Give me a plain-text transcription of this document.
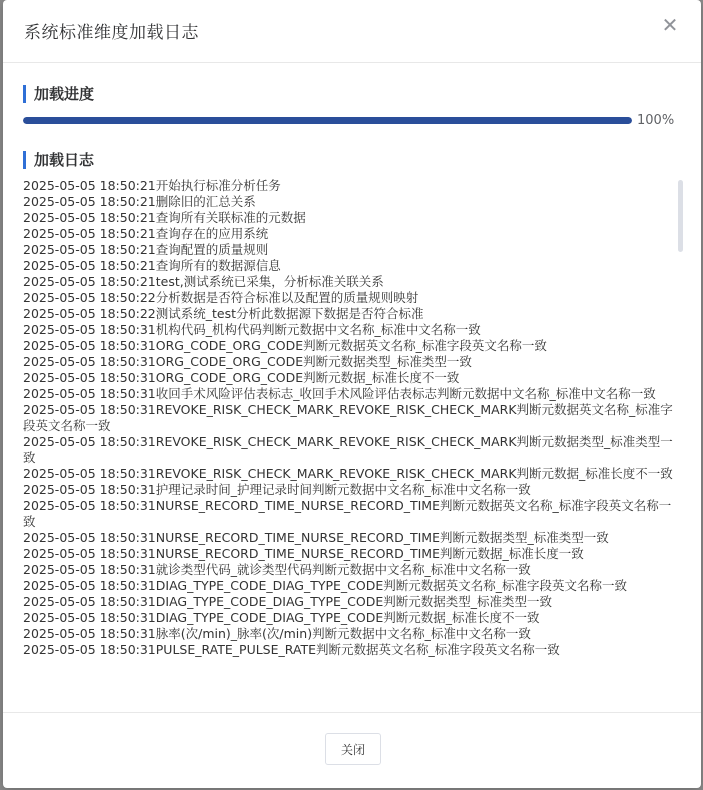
系统标准维度加载日志	✕
加载进度
100%
加载日志
2025-05-05 18:50:21开始执行标准分析任务
2025-05-05 18:50:21删除旧的汇总关系
2025-05-05 18:50:21查询所有关联标准的元数据
2025-05-05 18:50:21查询存在的应用系统
2025-05-05 18:50:21查询配置的质量规则
2025-05-05 18:50:21查询所有的数据源信息
2025-05-05 18:50:21test,测试系统已采集，分析标准关联关系
2025-05-05 18:50:22分析数据是否符合标准以及配置的质量规则映射
2025-05-05 18:50:22测试系统_test分析此数据源下数据是否符合标准
2025-05-05 18:50:31机构代码_机构代码判断元数据中文名称_标准中文名称一致
2025-05-05 18:50:31ORG_CODE_ORG_CODE判断元数据英文名称_标准字段英文名称一致
2025-05-05 18:50:31ORG_CODE_ORG_CODE判断元数据类型_标准类型一致
2025-05-05 18:50:31ORG_CODE_ORG_CODE判断元数据_标准长度不一致
2025-05-05 18:50:31收回手术风险评估表标志_收回手术风险评估表标志判断元数据中文名称_标准中文名称一致
2025-05-05 18:50:31REVOKE_RISK_CHECK_MARK_REVOKE_RISK_CHECK_MARK判断元数据英文名称_标准字段英文名称一致
2025-05-05 18:50:31REVOKE_RISK_CHECK_MARK_REVOKE_RISK_CHECK_MARK判断元数据类型_标准类型一致
2025-05-05 18:50:31REVOKE_RISK_CHECK_MARK_REVOKE_RISK_CHECK_MARK判断元数据_标准长度不一致
2025-05-05 18:50:31护理记录时间_护理记录时间判断元数据中文名称_标准中文名称一致
2025-05-05 18:50:31NURSE_RECORD_TIME_NURSE_RECORD_TIME判断元数据英文名称_标准字段英文名称一致
2025-05-05 18:50:31NURSE_RECORD_TIME_NURSE_RECORD_TIME判断元数据类型_标准类型一致
2025-05-05 18:50:31NURSE_RECORD_TIME_NURSE_RECORD_TIME判断元数据_标准长度一致
2025-05-05 18:50:31就诊类型代码_就诊类型代码判断元数据中文名称_标准中文名称一致
2025-05-05 18:50:31DIAG_TYPE_CODE_DIAG_TYPE_CODE判断元数据英文名称_标准字段英文名称一致
2025-05-05 18:50:31DIAG_TYPE_CODE_DIAG_TYPE_CODE判断元数据类型_标准类型一致
2025-05-05 18:50:31DIAG_TYPE_CODE_DIAG_TYPE_CODE判断元数据_标准长度不一致
2025-05-05 18:50:31脉率(次/min)_脉率(次/min)判断元数据中文名称_标准中文名称一致
2025-05-05 18:50:31PULSE_RATE_PULSE_RATE判断元数据英文名称_标准字段英文名称一致
关闭
